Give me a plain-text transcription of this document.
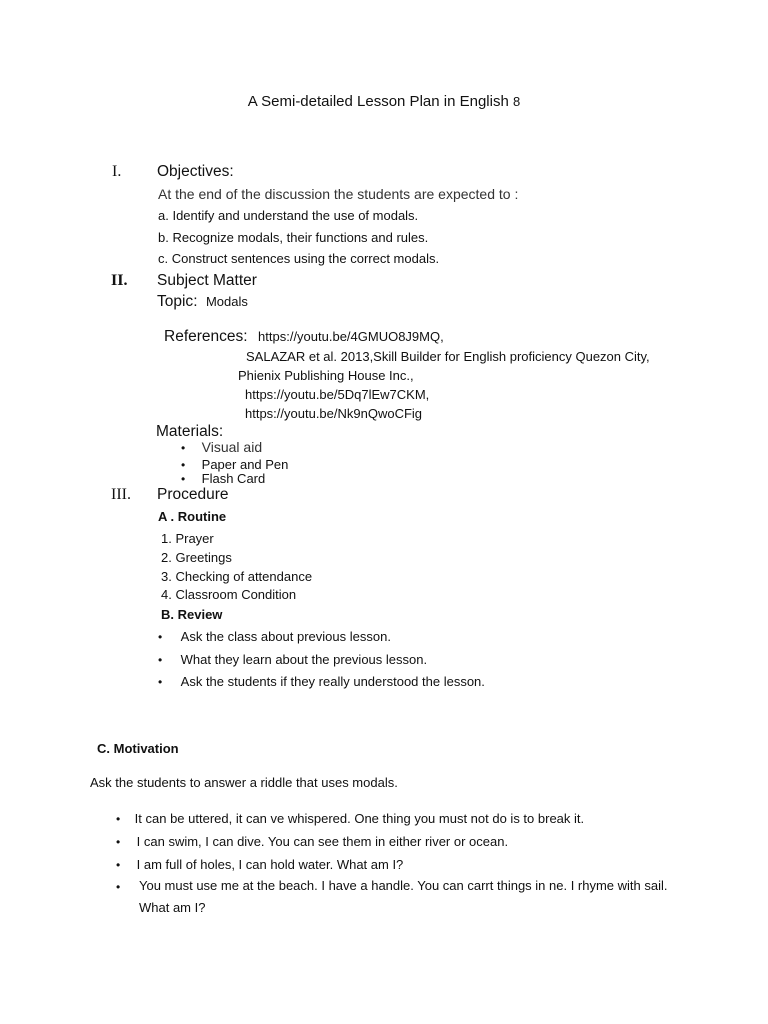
A Semi-detailed Lesson Plan in English 8
I. Objectives:
At the end of the discussion the students are expected to :
a. Identify and understand the use of modals.
b. Recognize modals, their functions and rules.
c. Construct sentences using the correct modals.
II. Subject Matter
Topic: Modals
References: https://youtu.be/4GMUO8J9MQ,
SALAZAR et al. 2013,Skill Builder for English proficiency Quezon City,
Phienix Publishing House Inc.,
https://youtu.be/5Dq7lEw7CKM,
https://youtu.be/Nk9nQwoCFig
Materials:
• Visual aid
• Paper and Pen
• Flash Card
III. Procedure
A . Routine
1. Prayer
2. Greetings
3. Checking of attendance
4. Classroom Condition
B. Review
• Ask the class about previous lesson.
• What they learn about the previous lesson.
• Ask the students if they really understood the lesson.
C. Motivation
Ask the students to answer a riddle that uses modals.
• It can be uttered, it can ve whispered. One thing you must not do is to break it.
• I can swim, I can dive. You can see them in either river or ocean.
• I am full of holes, I can hold water. What am I?
• You must use me at the beach. I have a handle. You can carrt things in ne. I rhyme with sail. What am I?
